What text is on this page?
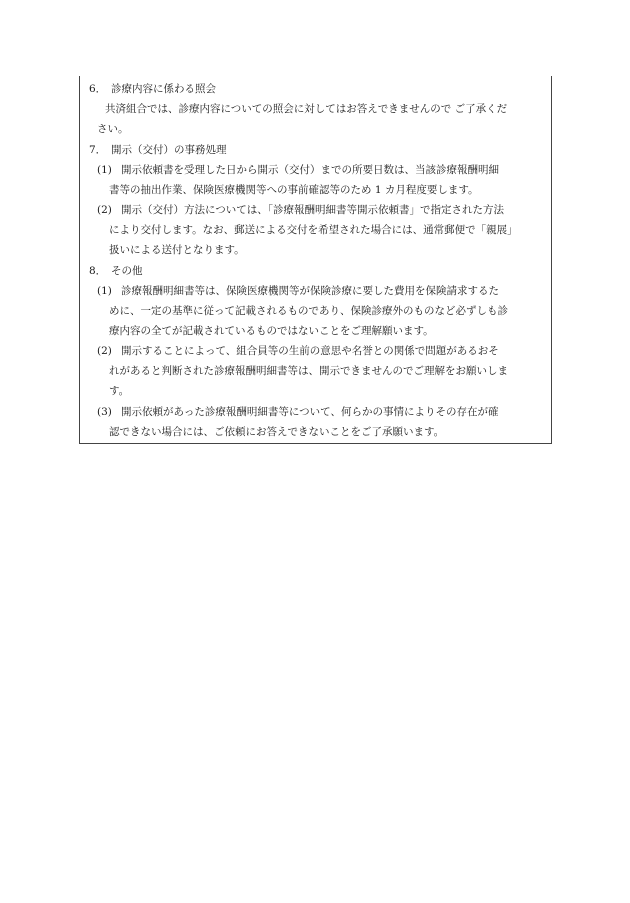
6． 診療内容に係わる照会
共済組合では、診療内容についての照会に対してはお答えできませんので ご了承くだ
さい。
7． 開示（交付）の事務処理
(1) 開示依頼書を受理した日から開示（交付）までの所要日数は、当該診療報酬明細
書等の抽出作業、保険医療機関等への事前確認等のため 1 カ月程度要します。
(2) 開示（交付）方法については、「診療報酬明細書等開示依頼書」で指定された方法
により交付します。なお、郵送による交付を希望された場合には、通常郵便で「親展」
扱いによる送付となります。
8． その他
(1) 診療報酬明細書等は、保険医療機関等が保険診療に要した費用を保険請求するた
めに、一定の基準に従って記載されるものであり、保険診療外のものなど必ずしも診
療内容の全てが記載されているものではないことをご理解願います。
(2) 開示することによって、組合員等の生前の意思や名誉との関係で問題があるおそ
れがあると判断された診療報酬明細書等は、開示できませんのでご理解をお願いしま
す。
(3) 開示依頼があった診療報酬明細書等について、何らかの事情によりその存在が確
認できない場合には、ご依頼にお答えできないことをご了承願います。
